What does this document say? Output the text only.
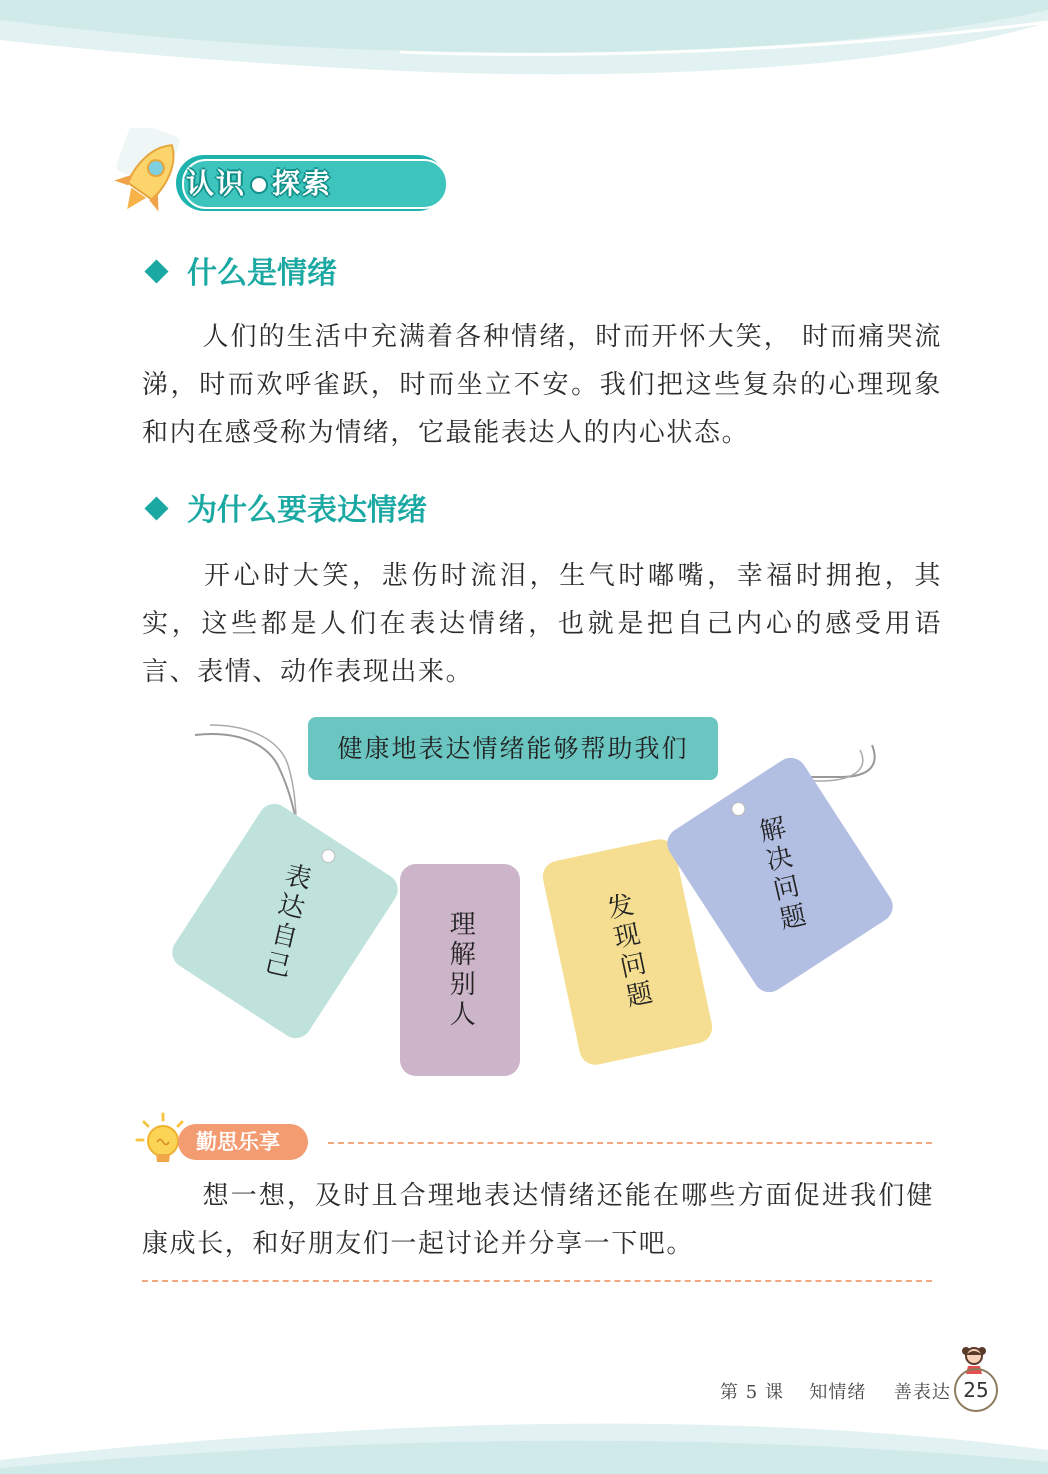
认识 探索
什么是情绪
人们的生活中充满着各种情绪，时而开怀大笑， 时而痛哭流涕，时而欢呼雀跃，时而坐立不安。我们把这些复杂的心理现象和内在感受称为情绪，它最能表达人的内心状态。
为什么要表达情绪
开心时大笑，悲伤时流泪，生气时嘟嘴，幸福时拥抱，其实，这些都是人们在表达情绪，也就是把自己内心的感受用语言、表情、动作表现出来。
健康地表达情绪能够帮助我们
表达自己	理解别人	发现问题
解决问题
勤思乐享
想一想，及时且合理地表达情绪还能在哪些方面促进我们健康成长，和好朋友们一起讨论并分享一下吧。
第 5 课 知情绪 善表达 25
